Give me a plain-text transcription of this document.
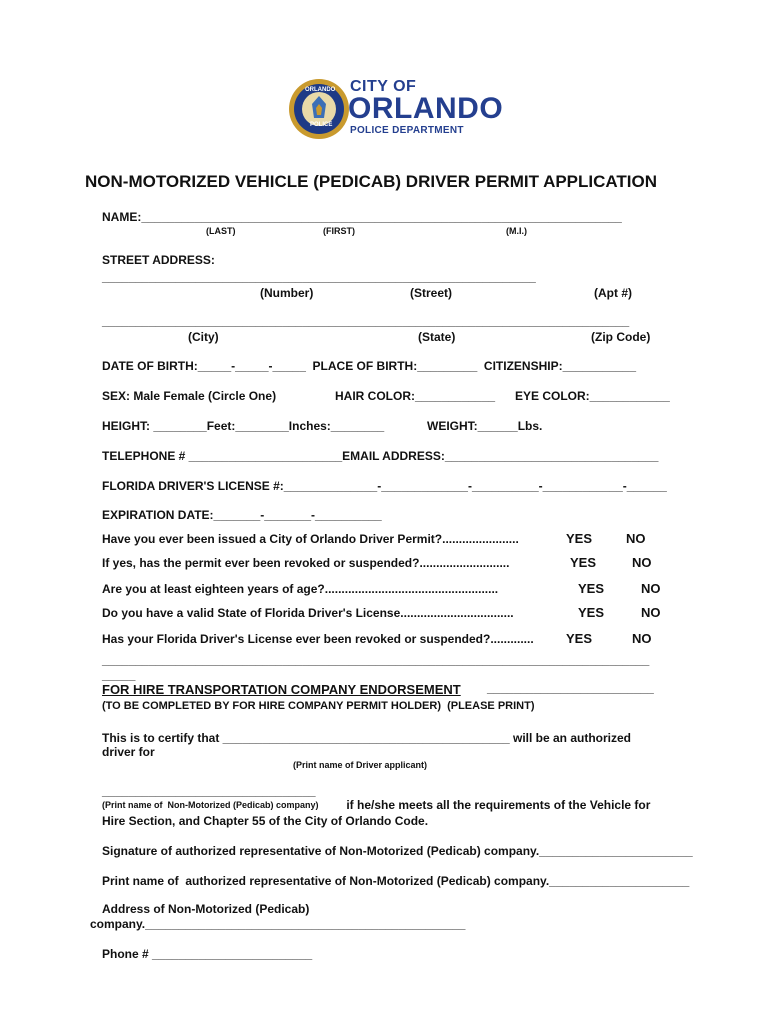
ORLANDO

POLICE

CITY OF

ORLANDO

POLICE DEPARTMENT

NON-MOTORIZED VEHICLE (PEDICAB) DRIVER PERMIT APPLICATION
NAME:________________________________________________________________________
(LAST)	(FIRST)	(M.I.)
STREET ADDRESS:
_________________________________________________________________
(Number)	(Street)	(Apt #)
_______________________________________________________________________________
(City)	(State)	(Zip Code)
DATE OF BIRTH:_____-_____-_____  PLACE OF BIRTH:_________  CITIZENSHIP:___________
SEX: Male Female (Circle One)	HAIR COLOR:____________ EYE COLOR:____________
HEIGHT: ________Feet:________Inches:________	WEIGHT:______Lbs.
TELEPHONE # _______________________EMAIL ADDRESS:________________________________
FLORIDA DRIVER'S LICENSE #:______________-_____________-__________-____________-______
EXPIRATION DATE:_______-_______-__________
Have you ever been issued a City of Orlando Driver Permit?.......................	YES	NO
If yes, has the permit ever been revoked or suspended?...........................	YES	NO
Are you at least eighteen years of age?....................................................	YES	NO
Do you have a valid State of Florida Driver's License..................................	YES	NO
Has your Florida Driver's License ever been revoked or suspended?............. YES	NO
__________________________________________________________________________________
_____
FOR HIRE TRANSPORTATION COMPANY ENDORSEMENT _________________________
(TO BE COMPLETED BY FOR HIRE COMPANY PERMIT HOLDER)  (PLEASE PRINT)
This is to certify that ___________________________________________ will be an authorized
driver for
(Print name of Driver applicant)
________________________________
(Print name of  Non-Motorized (Pedicab) company) if he/she meets all the requirements of the Vehicle for
Hire Section, and Chapter 55 of the City of Orlando Code.
Signature of authorized representative of Non-Motorized (Pedicab) company._______________________
Print name of  authorized representative of Non-Motorized (Pedicab) company._____________________
Address of Non-Motorized (Pedicab)
company.________________________________________________
Phone # ________________________
